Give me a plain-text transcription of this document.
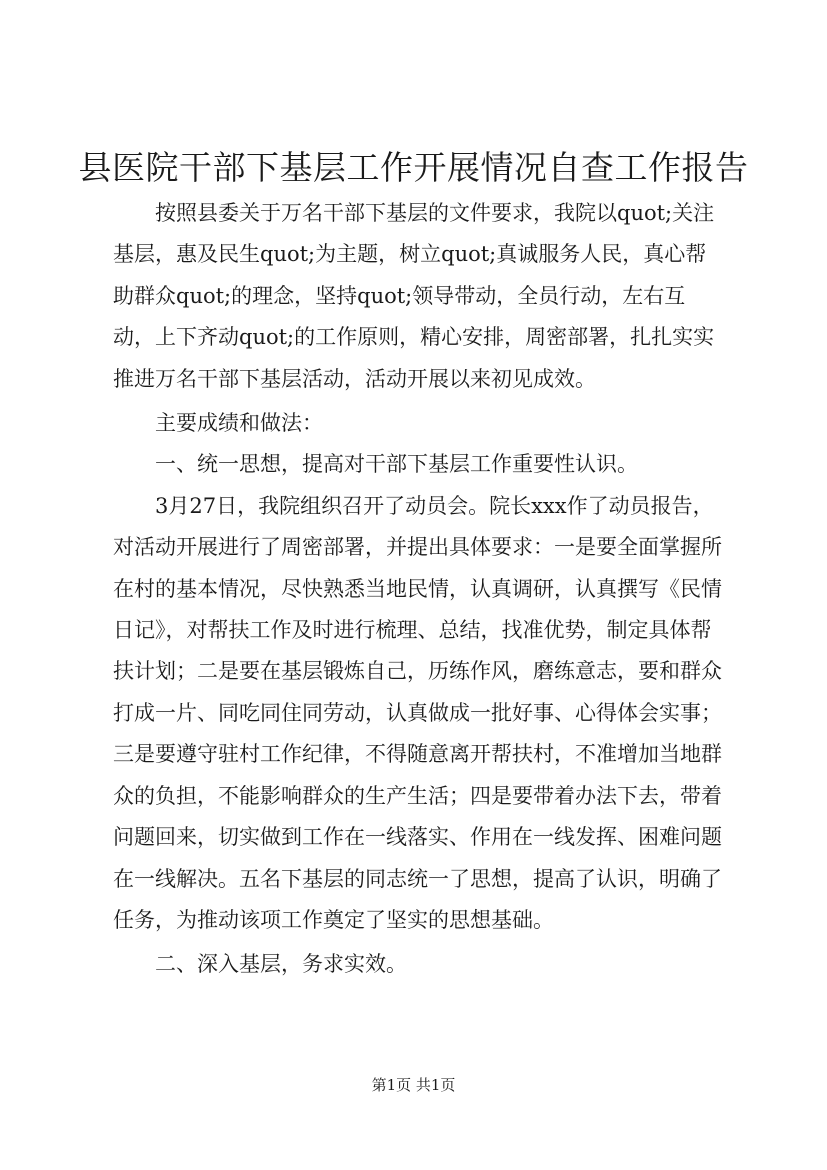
县医院干部下基层工作开展情况自查工作报告

按照县委关于万名干部下基层的文件要求，我院以quot;关注基层，惠及民生quot;为主题，树立quot;真诚服务人民，真心帮助群众quot;的理念，坚持quot;领导带动，全员行动，左右互动，上下齐动quot;的工作原则，精心安排，周密部署，扎扎实实推进万名干部下基层活动，活动开展以来初见成效。

主要成绩和做法：

一、统一思想，提高对干部下基层工作重要性认识。

3月27日，我院组织召开了动员会。院长xxx作了动员报告，对活动开展进行了周密部署，并提出具体要求：一是要全面掌握所在村的基本情况，尽快熟悉当地民情，认真调研，认真撰写《民情日记》，对帮扶工作及时进行梳理、总结，找准优势，制定具体帮扶计划；二是要在基层锻炼自己，历练作风，磨练意志，要和群众打成一片、同吃同住同劳动，认真做成一批好事、心得体会实事；三是要遵守驻村工作纪律，不得随意离开帮扶村，不准增加当地群众的负担，不能影响群众的生产生活；四是要带着办法下去，带着问题回来，切实做到工作在一线落实、作用在一线发挥、困难问题在一线解决。五名下基层的同志统一了思想，提高了认识，明确了任务，为推动该项工作奠定了坚实的思想基础。

二、深入基层，务求实效。

第1页 共1页
